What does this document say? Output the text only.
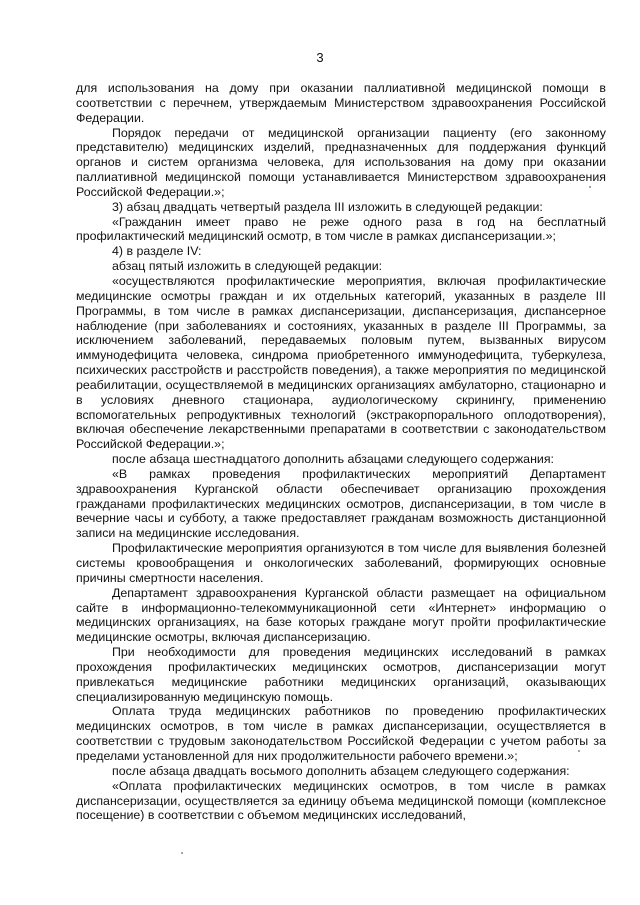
3

для использования на дому при оказании паллиативной медицинской помощи в соответствии с перечнем, утверждаемым Министерством здравоохранения Российской Федерации.

Порядок передачи от медицинской организации пациенту (его законному представителю) медицинских изделий, предназначенных для поддержания функций органов и систем организма человека, для использования на дому при оказании паллиативной медицинской помощи устанавливается Министерством здравоохранения Российской Федерации.»;

3) абзац двадцать четвертый раздела III изложить в следующей редакции:

«Гражданин имеет право не реже одного раза в год на бесплатный профилактический медицинский осмотр, в том числе в рамках диспансеризации.»;

4) в разделе IV:

абзац пятый изложить в следующей редакции:

«осуществляются профилактические мероприятия, включая профилактические медицинские осмотры граждан и их отдельных категорий, указанных в разделе III Программы, в том числе в рамках диспансеризации, диспансеризация, диспансерное наблюдение (при заболеваниях и состояниях, указанных в разделе III Программы, за исключением заболеваний, передаваемых половым путем, вызванных вирусом иммунодефицита человека, синдрома приобретенного иммунодефицита, туберкулеза, психических расстройств и расстройств поведения), а также мероприятия по медицинской реабилитации, осуществляемой в медицинских организациях амбулаторно, стационарно и в условиях дневного стационара, аудиологическому скринингу, применению вспомогательных репродуктивных технологий (экстракорпорального оплодотворения), включая обеспечение лекарственными препаратами в соответствии с законодательством Российской Федерации.»;

после абзаца шестнадцатого дополнить абзацами следующего содержания:

«В рамках проведения профилактических мероприятий Департамент здравоохранения Курганской области обеспечивает организацию прохождения гражданами профилактических медицинских осмотров, диспансеризации, в том числе в вечерние часы и субботу, а также предоставляет гражданам возможность дистанционной записи на медицинские исследования.

Профилактические мероприятия организуются в том числе для выявления болезней системы кровообращения и онкологических заболеваний, формирующих основные причины смертности населения.

Департамент здравоохранения Курганской области размещает на официальном сайте в информационно-телекоммуникационной сети «Интернет» информацию о медицинских организациях, на базе которых граждане могут пройти профилактические медицинские осмотры, включая диспансеризацию.

При необходимости для проведения медицинских исследований в рамках прохождения профилактических медицинских осмотров, диспансеризации могут привлекаться медицинские работники медицинских организаций, оказывающих специализированную медицинскую помощь.

Оплата труда медицинских работников по проведению профилактических медицинских осмотров, в том числе в рамках диспансеризации, осуществляется в соответствии с трудовым законодательством Российской Федерации с учетом работы за пределами установленной для них продолжительности рабочего времени.»;

после абзаца двадцать восьмого дополнить абзацем следующего содержания:

«Оплата профилактических медицинских осмотров, в том числе в рамках диспансеризации, осуществляется за единицу объема медицинской помощи (комплексное посещение) в соответствии с объемом медицинских исследований,
